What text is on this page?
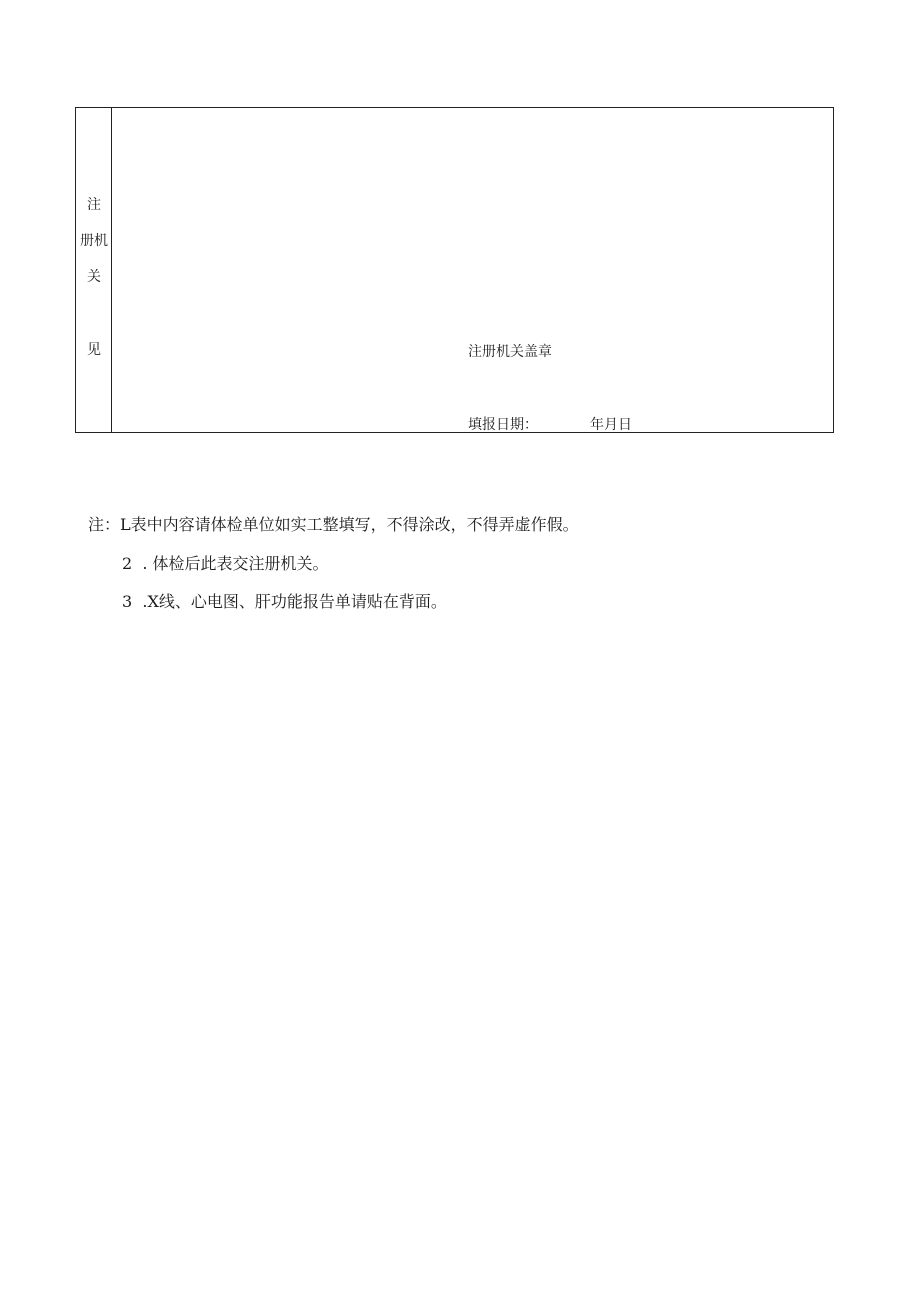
注
册机
关
见	注册机关盖章
填报日期：	年月日
注：L表中内容请体检单位如实工整填写，不得涂改，不得弄虚作假。
2  . 体检后此表交注册机关。
3  .X线、心电图、肝功能报告单请贴在背面。
